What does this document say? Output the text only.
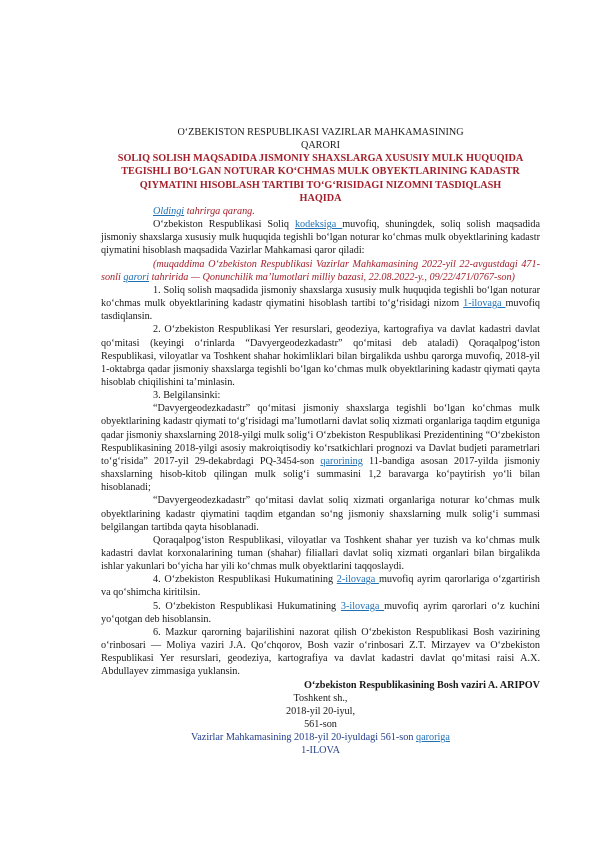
O‘ZBEKISTON RESPUBLIKASI VAZIRLAR MAHKAMASINING

QARORI

SOLIQ SOLISH MAQSADIDA JISMONIY SHAXSLARGA XUSUSIY MULK HUQUQIDA

TEGISHLI BO‘LGAN NOTURAR KO‘CHMAS MULK OBYEKTLARINING KADASTR

QIYMATINI HISOBLASH TARTIBI TO‘G‘RISIDAGI NIZOMNI TASDIQLASH

HAQIDA

Oldingi tahrirga qarang.

O‘zbekiston Respublikasi Soliq kodeksiga muvofiq, shuningdek, soliq solish maqsadida jismoniy shaxslarga xususiy mulk huquqida tegishli bo‘lgan noturar ko‘chmas mulk obyektlarining kadastr qiymatini hisoblash maqsadida Vazirlar Mahkamasi qaror qiladi:

(muqaddima O‘zbekiston Respublikasi Vazirlar Mahkamasining 2022-yil 22-avgustdagi 471-sonli qarori tahririda — Qonunchilik ma’lumotlari milliy bazasi, 22.08.2022-y., 09/22/471/0767-son)

1. Soliq solish maqsadida jismoniy shaxslarga xususiy mulk huquqida tegishli bo‘lgan noturar ko‘chmas mulk obyektlarining kadastr qiymatini hisoblash tartibi to‘g‘risidagi nizom 1-ilovaga muvofiq tasdiqlansin.

2. O‘zbekiston Respublikasi Yer resurslari, geodeziya, kartografiya va davlat kadastri davlat qo‘mitasi (keyingi o‘rinlarda “Davyergeodezkadastr” qo‘mitasi deb ataladi) Qoraqalpog‘iston Respublikasi, viloyatlar va Toshkent shahar hokimliklari bilan birgalikda ushbu qarorga muvofiq, 2018-yil 1-oktabrga qadar jismoniy shaxslarga tegishli bo‘lgan ko‘chmas mulk obyektlarining kadastr qiymati qayta hisoblab chiqilishini ta’minlasin.

3. Belgilansinki:

“Davyergeodezkadastr” qo‘mitasi jismoniy shaxslarga tegishli bo‘lgan ko‘chmas mulk obyektlarining kadastr qiymati to‘g‘risidagi ma’lumotlarni davlat soliq xizmati organlariga taqdim etguniga qadar jismoniy shaxslarning 2018-yilgi mulk solig‘i O‘zbekiston Respublikasi Prezidentining “O‘zbekiston Respublikasining 2018-yilgi asosiy makroiqtisodiy ko‘rsatkichlari prognozi va Davlat budjeti parametrlari to‘g‘risida” 2017-yil 29-dekabrdagi PQ-3454-son qarorining 11-bandiga asosan 2017-yilda jismoniy shaxslarning hisob-kitob qilingan mulk solig‘i summasini 1,2 baravarga ko‘paytirish yo‘li bilan hisoblanadi;

“Davyergeodezkadastr” qo‘mitasi davlat soliq xizmati organlariga noturar ko‘chmas mulk obyektlarining kadastr qiymatini taqdim etgandan so‘ng jismoniy shaxslarning mulk solig‘i summasi belgilangan tartibda qayta hisoblanadi.

Qoraqalpog‘iston Respublikasi, viloyatlar va Toshkent shahar yer tuzish va ko‘chmas mulk kadastri davlat korxonalarining tuman (shahar) filiallari davlat soliq xizmati organlari bilan birgalikda ishlar yakunlari bo‘yicha har yili ko‘chmas mulk obyektlarini taqqoslaydi.

4. O‘zbekiston Respublikasi Hukumatining 2-ilovaga muvofiq ayrim qarorlariga o‘zgartirish va qo‘shimcha kiritilsin.

5. O‘zbekiston Respublikasi Hukumatining 3-ilovaga muvofiq ayrim qarorlari o‘z kuchini yo‘qotgan deb hisoblansin.

6. Mazkur qarorning bajarilishini nazorat qilish O‘zbekiston Respublikasi Bosh vazirining o‘rinbosari — Moliya vaziri J.A. Qo‘chqorov, Bosh vazir o‘rinbosari Z.T. Mirzayev va O‘zbekiston Respublikasi Yer resurslari, geodeziya, kartografiya va davlat kadastri davlat qo‘mitasi raisi A.X. Abdullayev zimmasiga yuklansin.

O‘zbekiston Respublikasining Bosh vaziri A. ARIPOV

Toshkent sh.,

2018-yil 20-iyul,

561-son

Vazirlar Mahkamasining 2018-yil 20-iyuldagi 561-son qaroriga

1-ILOVA
